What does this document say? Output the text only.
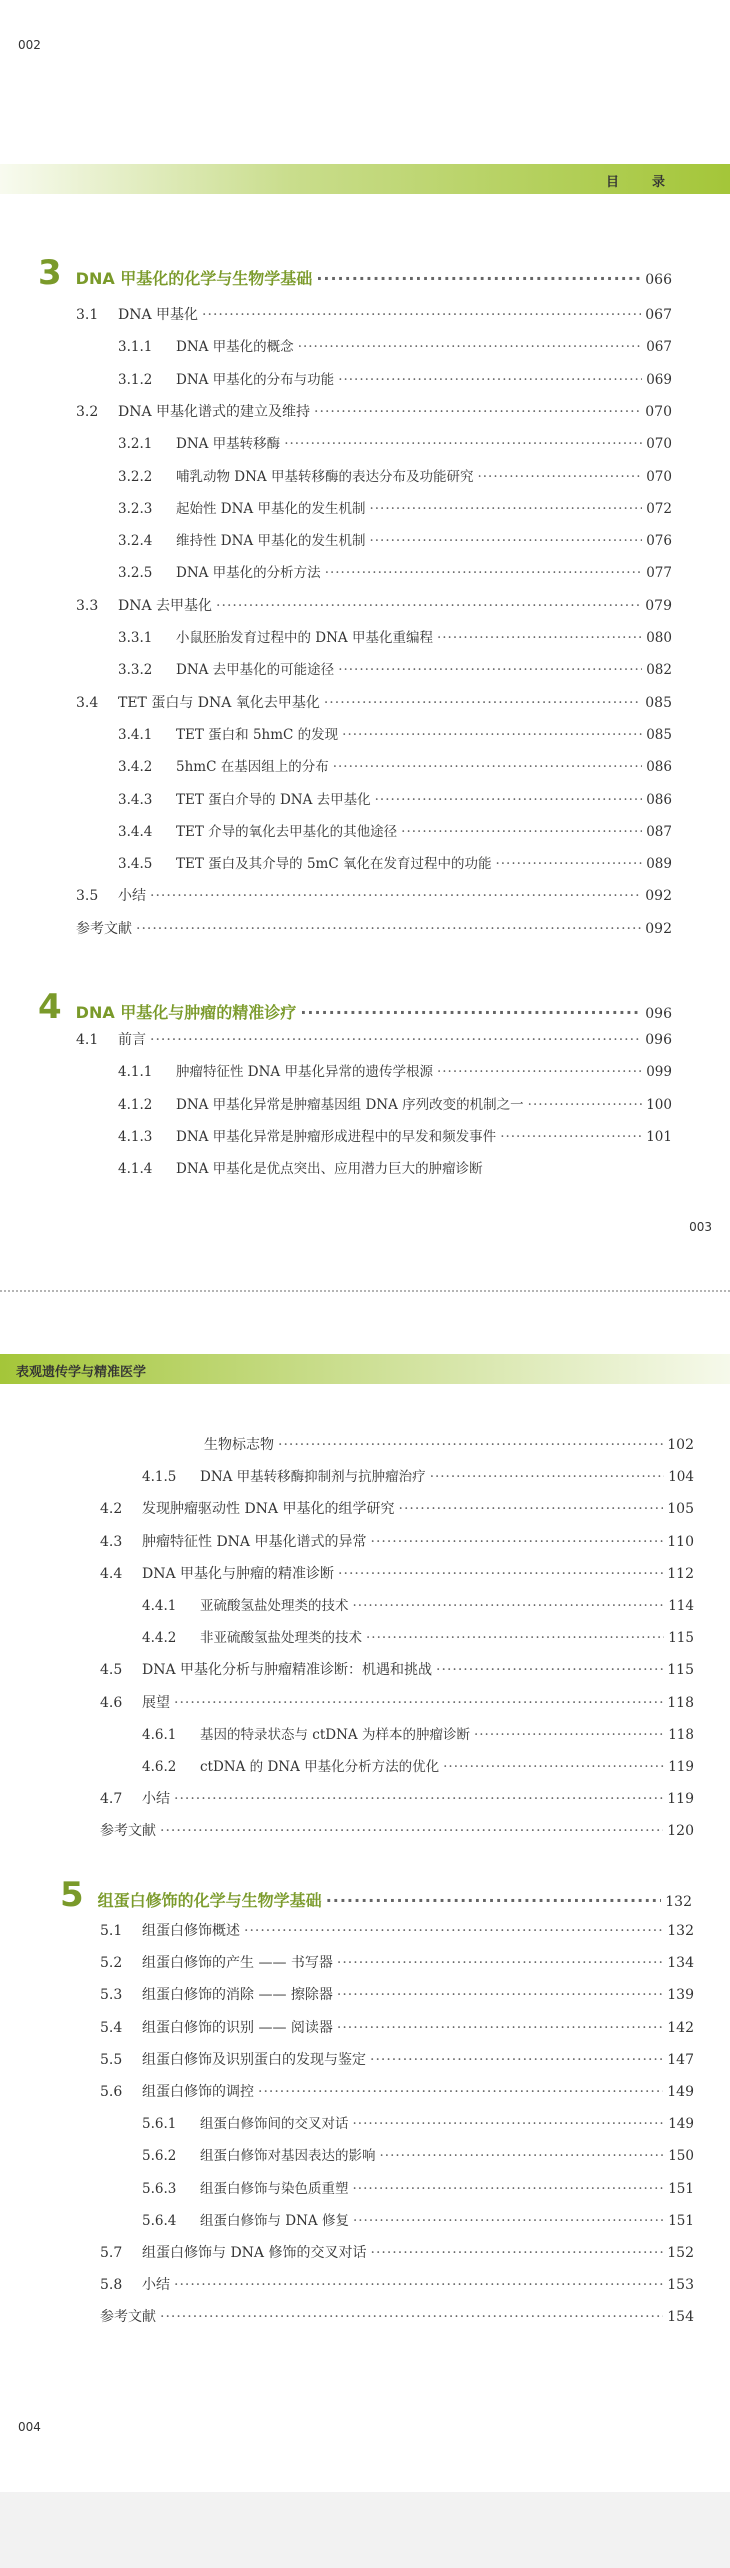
002
目　录
3 DNA 甲基化的化学与生物学基础 ·····	066
3.1	DNA 甲基化 ·····	067
3.1.1	DNA 甲基化的概念 ·····	067
3.1.2	DNA 甲基化的分布与功能 ·····	069
3.2	DNA 甲基化谱式的建立及维持 ·····	070
3.2.1	DNA 甲基转移酶 ·····	070
3.2.2	哺乳动物 DNA 甲基转移酶的表达分布及功能研究 ·····	070
3.2.3	起始性 DNA 甲基化的发生机制 ·····	072
3.2.4	维持性 DNA 甲基化的发生机制 ·····	076
3.2.5	DNA 甲基化的分析方法 ·····	077
3.3	DNA 去甲基化 ·····	079
3.3.1	小鼠胚胎发育过程中的 DNA 甲基化重编程 ·····	080
3.3.2	DNA 去甲基化的可能途径 ·····	082
3.4	TET 蛋白与 DNA 氧化去甲基化 ·····	085
3.4.1	TET 蛋白和 5hmC 的发现 ·····	085
3.4.2	5hmC 在基因组上的分布 ·····	086
3.4.3	TET 蛋白介导的 DNA 去甲基化 ·····	086
3.4.4	TET 介导的氧化去甲基化的其他途径 ·····	087
3.4.5	TET 蛋白及其介导的 5mC 氧化在发育过程中的功能 ·····	089
3.5	小结 ·····	092
参考文献 ·····	092
4 DNA 甲基化与肿瘤的精准诊疗 ·····	096
4.1	前言 ·····	096
4.1.1	肿瘤特征性 DNA 甲基化异常的遗传学根源 ·····	099
4.1.2	DNA 甲基化异常是肿瘤基因组 DNA 序列改变的机制之一 ·····	100
4.1.3	DNA 甲基化异常是肿瘤形成进程中的早发和频发事件 ·····	101
4.1.4	DNA 甲基化是优点突出、应用潜力巨大的肿瘤诊断
003
表观遗传学与精准医学
生物标志物 ·····	102
4.1.5	DNA 甲基转移酶抑制剂与抗肿瘤治疗 ·····	104
4.2	发现肿瘤驱动性 DNA 甲基化的组学研究 ·····	105
4.3	肿瘤特征性 DNA 甲基化谱式的异常 ·····	110
4.4	DNA 甲基化与肿瘤的精准诊断 ·····	112
4.4.1	亚硫酸氢盐处理类的技术 ·····	114
4.4.2	非亚硫酸氢盐处理类的技术 ·····	115
4.5	DNA 甲基化分析与肿瘤精准诊断：机遇和挑战 ·····	115
4.6	展望 ·····	118
4.6.1	基因的特录状态与 ctDNA 为样本的肿瘤诊断 ·····	118
4.6.2	ctDNA 的 DNA 甲基化分析方法的优化 ·····	119
4.7	小结 ·····	119
参考文献 ·····	120
5 组蛋白修饰的化学与生物学基础 ·····	132
5.1	组蛋白修饰概述 ·····	132
5.2	组蛋白修饰的产生 —— 书写器 ·····	134
5.3	组蛋白修饰的消除 —— 擦除器 ·····	139
5.4	组蛋白修饰的识别 —— 阅读器 ·····	142
5.5	组蛋白修饰及识别蛋白的发现与鉴定 ·····	147
5.6	组蛋白修饰的调控 ·····	149
5.6.1	组蛋白修饰间的交叉对话 ·····	149
5.6.2	组蛋白修饰对基因表达的影响 ·····	150
5.6.3	组蛋白修饰与染色质重塑 ·····	151
5.6.4	组蛋白修饰与 DNA 修复 ·····	151
5.7	组蛋白修饰与 DNA 修饰的交叉对话 ·····	152
5.8	小结 ·····	153
参考文献 ·····	154
004
